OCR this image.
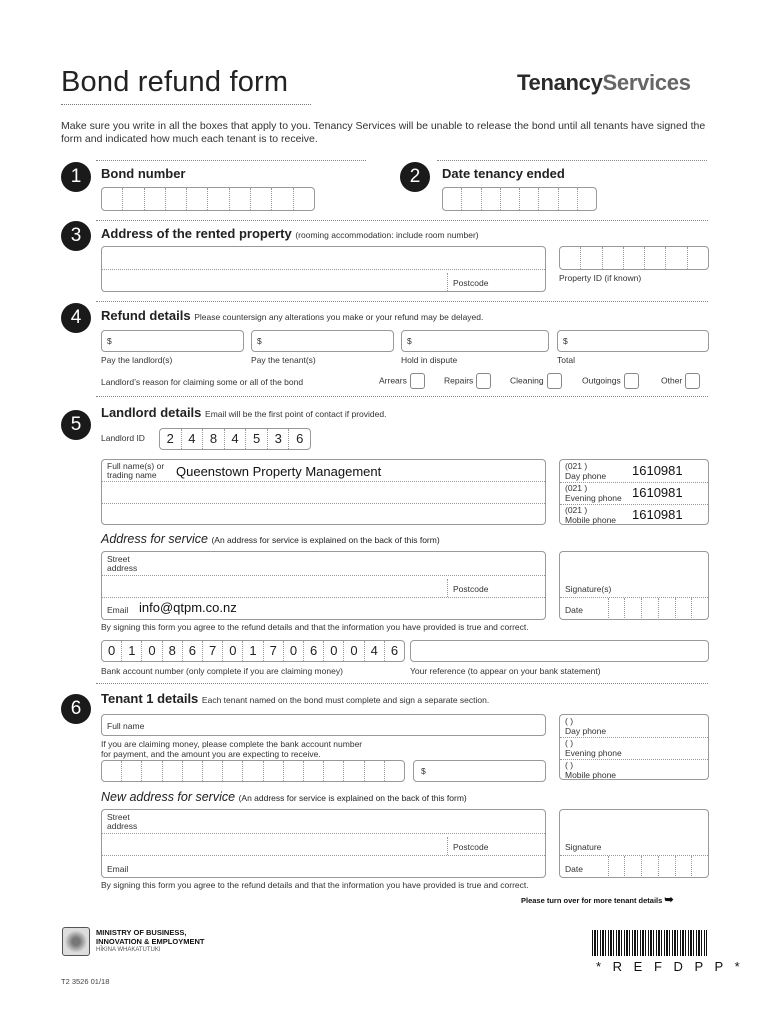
Bond refund form	TenancyServices
Make sure you write in all the boxes that apply to you. Tenancy Services will be unable to release the bond until all tenants have signed the form and indicated how much each tenant is to receive.
1	Bond number	2	Date tenancy ended
3	Address of the rented property (rooming accommodation: include room number)
Postcode	Property ID (if known)
4	Refund details Please countersign any alterations you make or your refund may be delayed.
$	$	$	$
Pay the landlord(s)	Pay the tenant(s)	Hold in dispute	Total
Landlord’s reason for claiming some or all of the bond	Arrears	Repairs	Cleaning	Outgoings	Other
5
Landlord details Email will be the first point of contact if provided.
Landlord ID	2	4	8	4	5	3	6
Full name(s) or
trading name	Queenstown Property Management	(021 )
Day phone 1610981
(021 )
Evening phone 1610981
(021 )
Mobile phone 1610981
Address for service (An address for service is explained on the back of this form)
Street
address
Postcode
Email info@qtpm.co.nz
Signature(s)
Date
By signing this form you agree to the refund details and that the information you have provided is true and correct.
0 1 0 8 6 7 0 1 7 0 6 0 0 4 6
Bank account number (only complete if you are claiming money)	Your reference (to appear on your bank statement)
6	Tenant 1 details Each tenant named on the bond must complete and sign a separate section.
Full name
If you are claiming money, please complete the bank account number
for payment, and the amount you are expecting to receive.
$
( )
Day phone
( )
Evening phone
( )
Mobile phone
New address for service (An address for service is explained on the back of this form)
Street
address
Postcode
Email
Signature
Date
By signing this form you agree to the refund details and that the information you have provided is true and correct.
Please turn over for more tenant details ➥
MINISTRY OF BUSINESS,
INNOVATION & EMPLOYMENT
HĪKINA WHAKATUTUKI
* R E F D P P *
T2 3526 01/18
